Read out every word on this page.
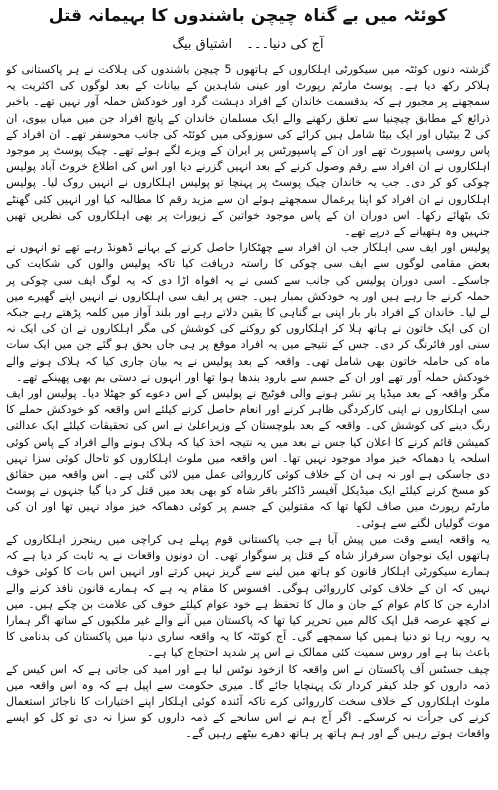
کوئٹہ میں بے گناہ چیچن باشندوں کا بہیمانہ قتل
آج کی دنیا۔۔۔ اشتیاق بیگ

گزشتہ دنوں کوئٹہ میں سیکورٹی اہلکاروں کے ہاتھوں 5 چیچن باشندوں کی ہلاکت نے ہر پاکستانی کو ہلاکر رکھ دیا ہے۔ پوسٹ مارٹم رپورٹ اور عینی شاہدین کے بیانات کے بعد لوگوں کی اکثریت یہ سمجھنے پر مجبور ہے کہ بدقسمت خاندان کے افراد دہشت گرد اور خودکش حملہ آور نہیں تھے۔ باخبر ذرائع کے مطابق چیچنیا سے تعلق رکھنے والے ایک مسلمان خاندان کے پانچ افراد جن میں میاں بیوی، ان کی 2 بیٹیاں اور ایک بیٹا شامل ہیں کرائے کی سوزوکی میں کوئٹہ کی جانب محوسفر تھے۔ ان افراد کے پاس روسی پاسپورٹ تھے اور ان کے پاسپورٹس پر ایران کے ویزے لگے ہوئے تھے۔ چیک پوسٹ پر موجود اہلکاروں نے ان افراد سے رقم وصول کرنے کے بعد انہیں گزرنے دیا اور اس کی اطلاع خروٹ آباد پولیس چوکی کو کر دی۔ جب یہ خاندان چیک پوسٹ پر پہنچا تو پولیس اہلکاروں نے انہیں روک لیا۔ پولیس اہلکاروں نے ان افراد کو اپنا یرغمال سمجھتے ہوئے ان سے مزید رقم کا مطالبہ کیا اور انہیں کئی گھنٹے تک بٹھائے رکھا۔ اس دوران ان کے پاس موجود خواتین کے زیورات پر بھی اہلکاروں کی نظریں تھیں جنہیں وہ ہتھیانے کے درپے تھے۔

پولیس اور ایف سی اہلکار جب ان افراد سے چھٹکارا حاصل کرنے کے بہانے ڈھونڈ رہے تھے تو انہوں نے بعض مقامی لوگوں سے ایف سی چوکی کا راستہ دریافت کیا تاکہ پولیس والوں کی شکایت کی جاسکے۔ اسی دوران پولیس کی جانب سے کسی نے یہ افواہ اڑا دی کہ یہ لوگ ایف سی چوکی پر حملہ کرنے جا رہے ہیں اور یہ خودکش بمبار ہیں۔ جس پر ایف سی اہلکاروں نے انہیں اپنے گھیرے میں لے لیا۔ خاندان کے افراد بار بار اپنی بے گناہی کا یقین دلاتے رہے اور بلند آواز میں کلمہ پڑھتے رہے جبکہ ان کی ایک خاتون نے ہاتھ ہلا کر اہلکاروں کو روکنے کی کوشش کی مگر اہلکاروں نے ان کی ایک نہ سنی اور فائرنگ کر دی۔ جس کے نتیجے میں یہ افراد موقع پر ہی جاں بحق ہو گئے جن میں ایک سات ماہ کی حاملہ خاتون بھی شامل تھی۔ واقعہ کے بعد پولیس نے یہ بیان جاری کیا کہ ہلاک ہونے والے خودکش حملہ آور تھے اور ان کے جسم سے بارود بندھا ہوا تھا اور انہوں نے دستی بم بھی پھینکے تھے۔

مگر واقعہ کے بعد میڈیا پر نشر ہونے والی فوٹیج نے پولیس کے اس دعوے کو جھٹلا دیا۔ پولیس اور ایف سی اہلکاروں نے اپنی کارکردگی ظاہر کرنے اور انعام حاصل کرنے کیلئے اس واقعہ کو خودکش حملے کا رنگ دینے کی کوشش کی۔ واقعہ کے بعد بلوچستان کے وزیراعلیٰ نے اس کی تحقیقات کیلئے ایک عدالتی کمیشن قائم کرنے کا اعلان کیا جس نے بعد میں یہ نتیجہ اخذ کیا کہ ہلاک ہونے والے افراد کے پاس کوئی اسلحہ یا دھماکہ خیز مواد موجود نہیں تھا۔ اس واقعہ میں ملوث اہلکاروں کو تاحال کوئی سزا نہیں دی جاسکی ہے اور نہ ہی ان کے خلاف کوئی کارروائی عمل میں لائی گئی ہے۔ اس واقعہ میں حقائق کو مسخ کرنے کیلئے ایک میڈیکل آفیسر ڈاکٹر باقر شاہ کو بھی بعد میں قتل کر دیا گیا جنہوں نے پوسٹ مارٹم رپورٹ میں صاف لکھا تھا کہ مقتولین کے جسم پر کوئی دھماکہ خیز مواد نہیں تھا اور ان کی موت گولیاں لگنے سے ہوئی۔

یہ واقعہ ایسے وقت میں پیش آیا ہے جب پاکستانی قوم پہلے ہی کراچی میں رینجرز اہلکاروں کے ہاتھوں ایک نوجوان سرفراز شاہ کے قتل پر سوگوار تھی۔ ان دونوں واقعات نے یہ ثابت کر دیا ہے کہ ہمارے سیکورٹی اہلکار قانون کو ہاتھ میں لینے سے گریز نہیں کرتے اور انہیں اس بات کا کوئی خوف نہیں کہ ان کے خلاف کوئی کارروائی ہوگی۔ افسوس کا مقام یہ ہے کہ ہمارے قانون نافذ کرنے والے ادارے جن کا کام عوام کے جان و مال کا تحفظ ہے خود عوام کیلئے خوف کی علامت بن چکے ہیں۔ میں نے کچھ عرصہ قبل ایک کالم میں تحریر کیا تھا کہ پاکستان میں آنے والے غیر ملکیوں کے ساتھ اگر ہمارا یہ رویہ رہا تو دنیا ہمیں کیا سمجھے گی۔ آج کوئٹہ کا یہ واقعہ ساری دنیا میں پاکستان کی بدنامی کا باعث بنا ہے اور روس سمیت کئی ممالک نے اس پر شدید احتجاج کیا ہے۔

چیف جسٹس آف پاکستان نے اس واقعہ کا ازخود نوٹس لیا ہے اور امید کی جاتی ہے کہ اس کیس کے ذمہ داروں کو جلد کیفر کردار تک پہنچایا جائے گا۔ میری حکومت سے اپیل ہے کہ وہ اس واقعہ میں ملوث اہلکاروں کے خلاف سخت کارروائی کرے تاکہ آئندہ کوئی اہلکار اپنے اختیارات کا ناجائز استعمال کرنے کی جرأت نہ کرسکے۔ اگر آج ہم نے اس سانحے کے ذمہ داروں کو سزا نہ دی تو کل کو ایسے واقعات ہوتے رہیں گے اور ہم ہاتھ پر ہاتھ دھرے بیٹھے رہیں گے۔
